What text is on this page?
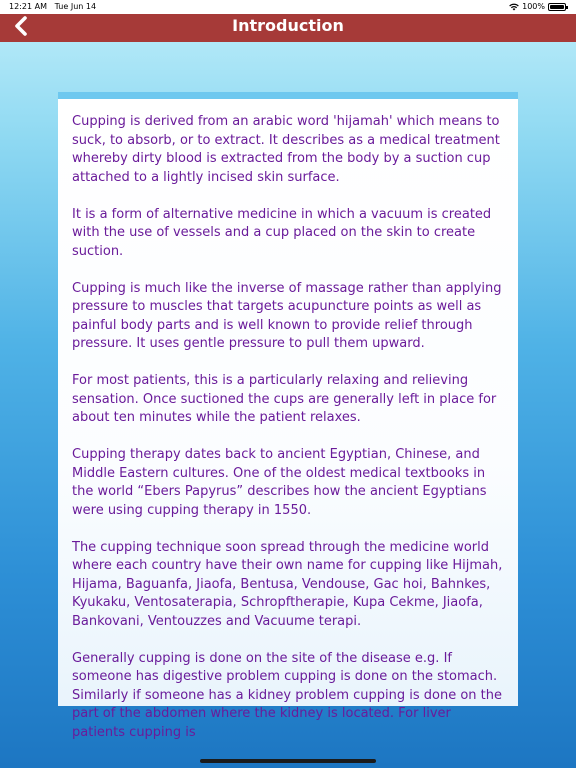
12:21 AM Tue Jun 14	100%
Introduction

Cupping is derived from an arabic word 'hijamah' which means to suck, to absorb, or to extract. It describes as a medical treatment whereby dirty blood is extracted from the body by a suction cup attached to a lightly incised skin surface.

It is a form of alternative medicine in which a vacuum is created with the use of vessels and a cup placed on the skin to create suction.

Cupping is much like the inverse of massage rather than applying pressure to muscles that targets acupuncture points as well as painful body parts and is well known to provide relief through pressure. It uses gentle pressure to pull them upward.

For most patients, this is a particularly relaxing and relieving sensation. Once suctioned the cups are generally left in place for about ten minutes while the patient relaxes.

Cupping therapy dates back to ancient Egyptian, Chinese, and Middle Eastern cultures. One of the oldest medical textbooks in the world “Ebers Papyrus” describes how the ancient Egyptians were using cupping therapy in 1550.

The cupping technique soon spread through the medicine world where each country have their own name for cupping like Hijmah, Hijama, Baguanfa, Jiaofa, Bentusa, Vendouse, Gac hoi, Bahnkes, Kyukaku, Ventosaterapia, Schropftherapie, Kupa Cekme, Jiaofa, Bankovani, Ventouzzes and Vacuume terapi.

Generally cupping is done on the site of the disease e.g. If someone has digestive problem cupping is done on the stomach. Similarly if someone has a kidney problem cupping is done on the part of the abdomen where the kidney is located. For liver patients cupping is
